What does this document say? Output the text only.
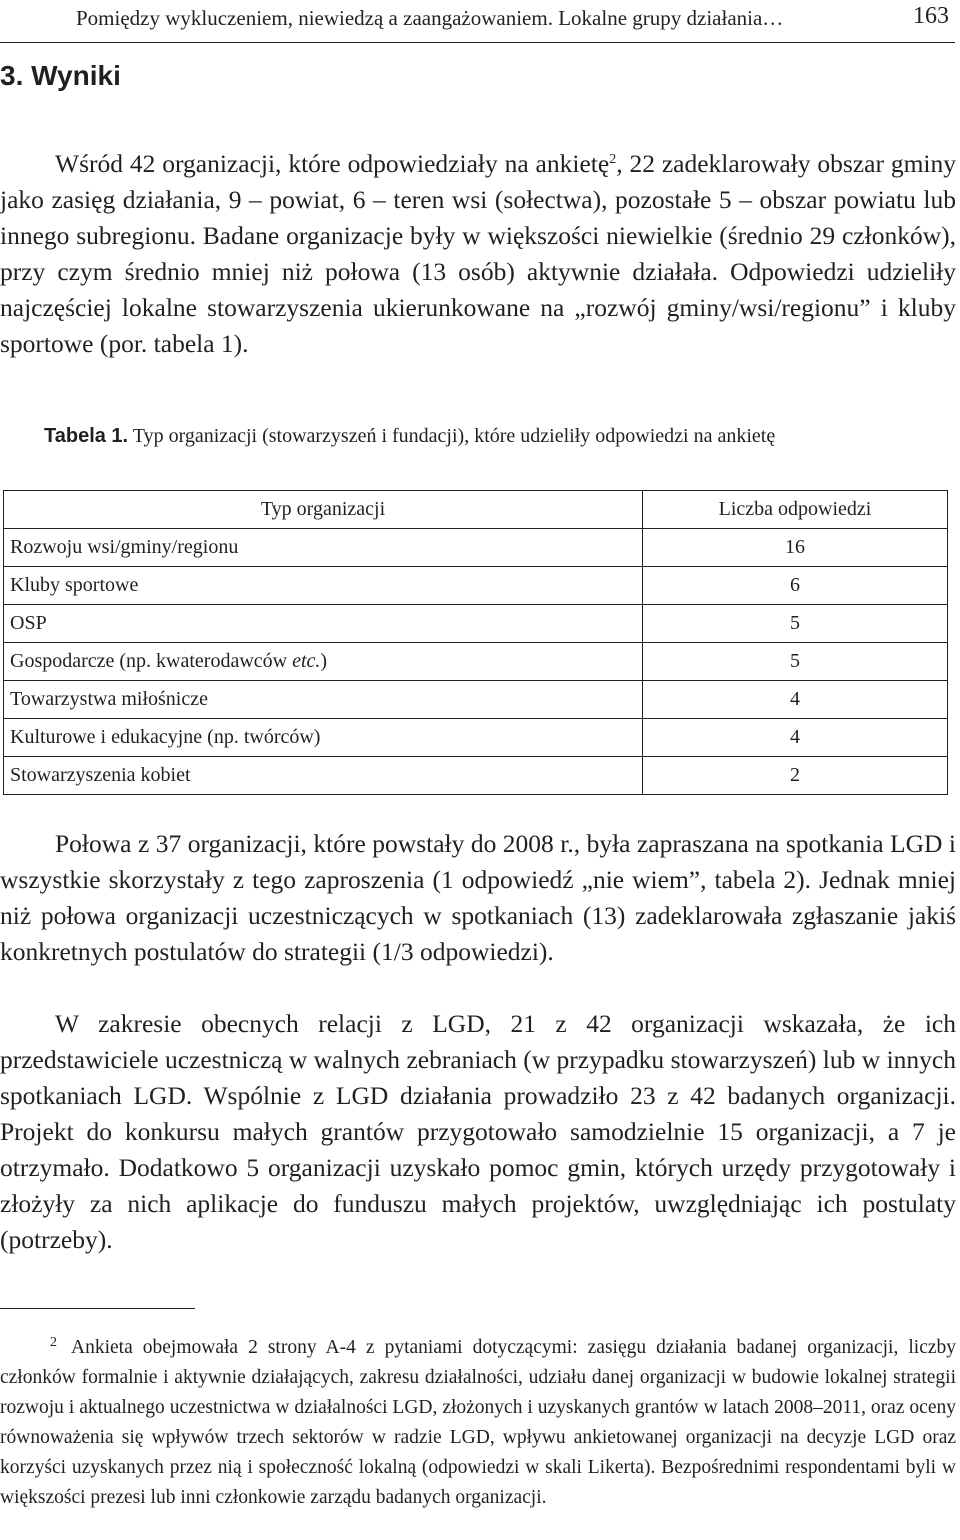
Pomiędzy wykluczeniem, niewiedzą a zaangażowaniem. Lokalne grupy działania…	163
3. Wyniki

Wśród 42 organizacji, które odpowiedziały na ankietę$^2$, 22 zadeklarowały obszar gminy jako zasięg działania, 9 – powiat, 6 – teren wsi (sołectwa), pozostałe 5 – obszar powiatu lub innego subregionu. Badane organizacje były w większości niewielkie (średnio 29 członków), przy czym średnio mniej niż połowa (13 osób) aktywnie działała. Odpowiedzi udzieliły najczęściej lokalne stowarzyszenia ukierunkowane na „rozwój gminy/wsi/regionu” i kluby sportowe (por. tabela 1).

Tabela 1. Typ organizacji (stowarzyszeń i fundacji), które udzieliły odpowiedzi na ankietę
Typ organizacji	Liczba odpowiedzi
Rozwoju wsi/gminy/regionu	16
Kluby sportowe	6
OSP	5
Gospodarcze (np. kwaterodawców etc.)	5
Towarzystwa miłośnicze	4
Kulturowe i edukacyjne (np. twórców)	4
Stowarzyszenia kobiet	2

Połowa z 37 organizacji, które powstały do 2008 r., była zapraszana na spotkania LGD i wszystkie skorzystały z tego zaproszenia (1 odpowiedź „nie wiem”, tabela 2). Jednak mniej niż połowa organizacji uczestniczących w spotkaniach (13) zadeklarowała zgłaszanie jakiś konkretnych postulatów do strategii (1/3 odpowiedzi).

W zakresie obecnych relacji z LGD, 21 z 42 organizacji wskazała, że ich przedstawiciele uczestniczą w walnych zebraniach (w przypadku stowarzyszeń) lub w innych spotkaniach LGD. Wspólnie z LGD działania prowadziło 23 z 42 badanych organizacji. Projekt do konkursu małych grantów przygotowało samodzielnie 15 organizacji, a 7 je otrzymało. Dodatkowo 5 organizacji uzyskało pomoc gmin, których urzędy przygotowały i złożyły za nich aplikacje do funduszu małych projektów, uwzględniając ich postulaty (potrzeby).

$^2$ Ankieta obejmowała 2 strony A-4 z pytaniami dotyczącymi: zasięgu działania badanej organizacji, liczby członków formalnie i aktywnie działających, zakresu działalności, udziału danej organizacji w budowie lokalnej strategii rozwoju i aktualnego uczestnictwa w działalności LGD, złożonych i uzyskanych grantów w latach 2008–2011, oraz oceny równoważenia się wpływów trzech sektorów w radzie LGD, wpływu ankietowanej organizacji na decyzje LGD oraz korzyści uzyskanych przez nią i społeczność lokalną (odpowiedzi w skali Likerta). Bezpośrednimi respondentami byli w większości prezesi lub inni członkowie zarządu badanych organizacji.
